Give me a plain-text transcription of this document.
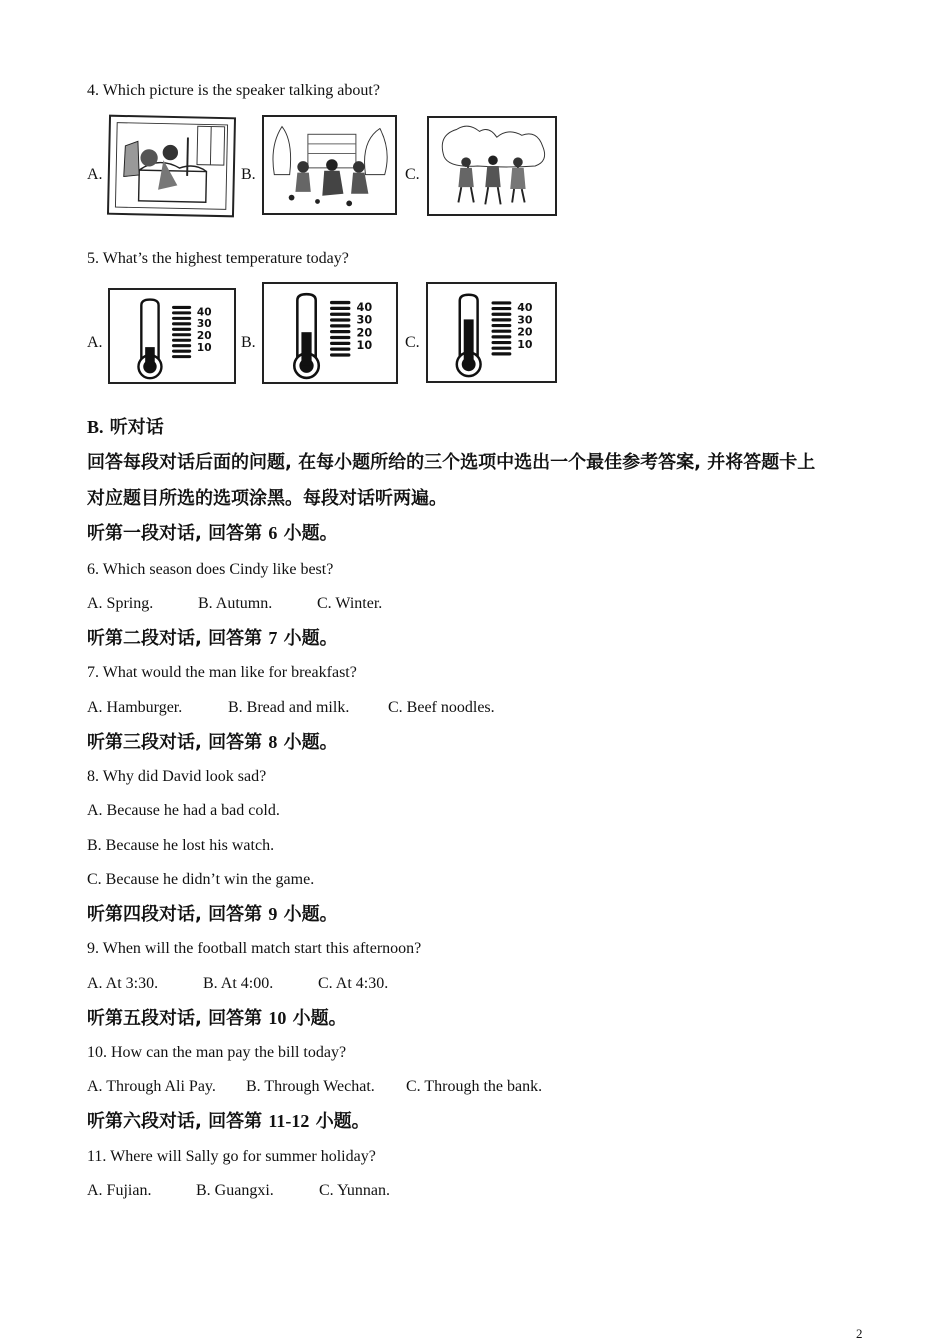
4. Which picture is the speaker talking about?
A.	B.	C.
5. What’s the highest temperature today?
A.
40
30
20
10 B.
40
30
20
10 C.
40
30
20
10
B. 听对话
回答每段对话后面的问题, 在每小题所给的三个选项中选出一个最佳参考答案, 并将答题卡上
对应题目所选的选项涂黑。每段对话听两遍。
听第一段对话, 回答第 6 小题。
6. Which season does Cindy like best?
A. Spring.	B. Autumn.	C. Winter.
听第二段对话, 回答第 7 小题。
7. What would the man like for breakfast?
A. Hamburger.	B. Bread and milk. C. Beef noodles.
听第三段对话, 回答第 8 小题。
8. Why did David look sad?
A. Because he had a bad cold.
B. Because he lost his watch.
C. Because he didn’t win the game.
听第四段对话, 回答第 9 小题。
9. When will the football match start this afternoon?
A. At 3:30.	B. At 4:00.	C. At 4:30.
听第五段对话, 回答第 10 小题。
10. How can the man pay the bill today?
A. Through Ali Pay. B. Through Wechat. C. Through the bank.
听第六段对话, 回答第 11-12 小题。
11. Where will Sally go for summer holiday?
A. Fujian.	B. Guangxi.	C. Yunnan.
2
